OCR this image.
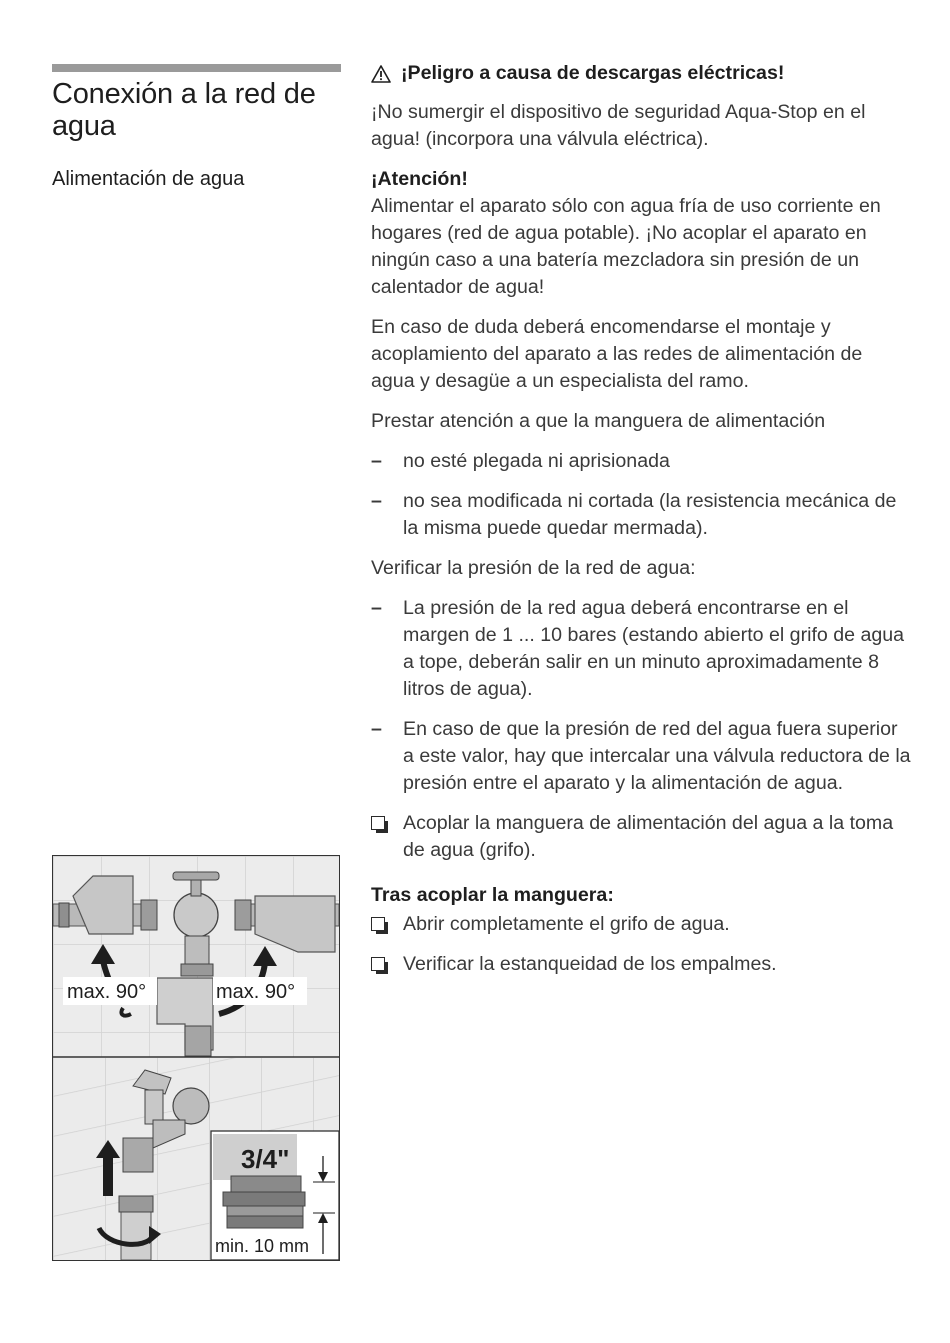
Conexión a la red de agua
Alimentación de agua
¡Peligro a causa de descargas eléctricas!

¡No sumergir el dispositivo de seguridad Aqua-Stop en el agua! (incorpora una válvula eléctrica).

¡Atención!
Alimentar el aparato sólo con agua fría de uso corriente en hogares (red de agua potable). ¡No acoplar el aparato en ningún caso a una batería mezcladora sin presión de un calentador de agua!

En caso de duda deberá encomendarse el montaje y acoplamiento del aparato a las redes de alimentación de agua y desagüe a un especialista del ramo.

Prestar atención a que la manguera de alimentación

– no esté plegada ni aprisionada
– no sea modificada ni cortada (la resistencia mecánica de la misma puede quedar mermada).

Verificar la presión de la red de agua:

– La presión de la red agua deberá encontrarse en el margen de 1 ... 10 bares (estando abierto el grifo de agua a tope, deberán salir en un minuto aproximadamente 8 litros de agua).
– En caso de que la presión de red del agua fuera superior a este valor, hay que intercalar una válvula reductora de la presión entre el aparato y la alimentación de agua.
Acoplar la manguera de alimentación del agua a la toma de agua (grifo).
Tras acoplar la manguera:
Abrir completamente el grifo de agua.
Verificar la estanqueidad de los empalmes.
max. 90°	max. 90°
3/4"
min. 10 mm
